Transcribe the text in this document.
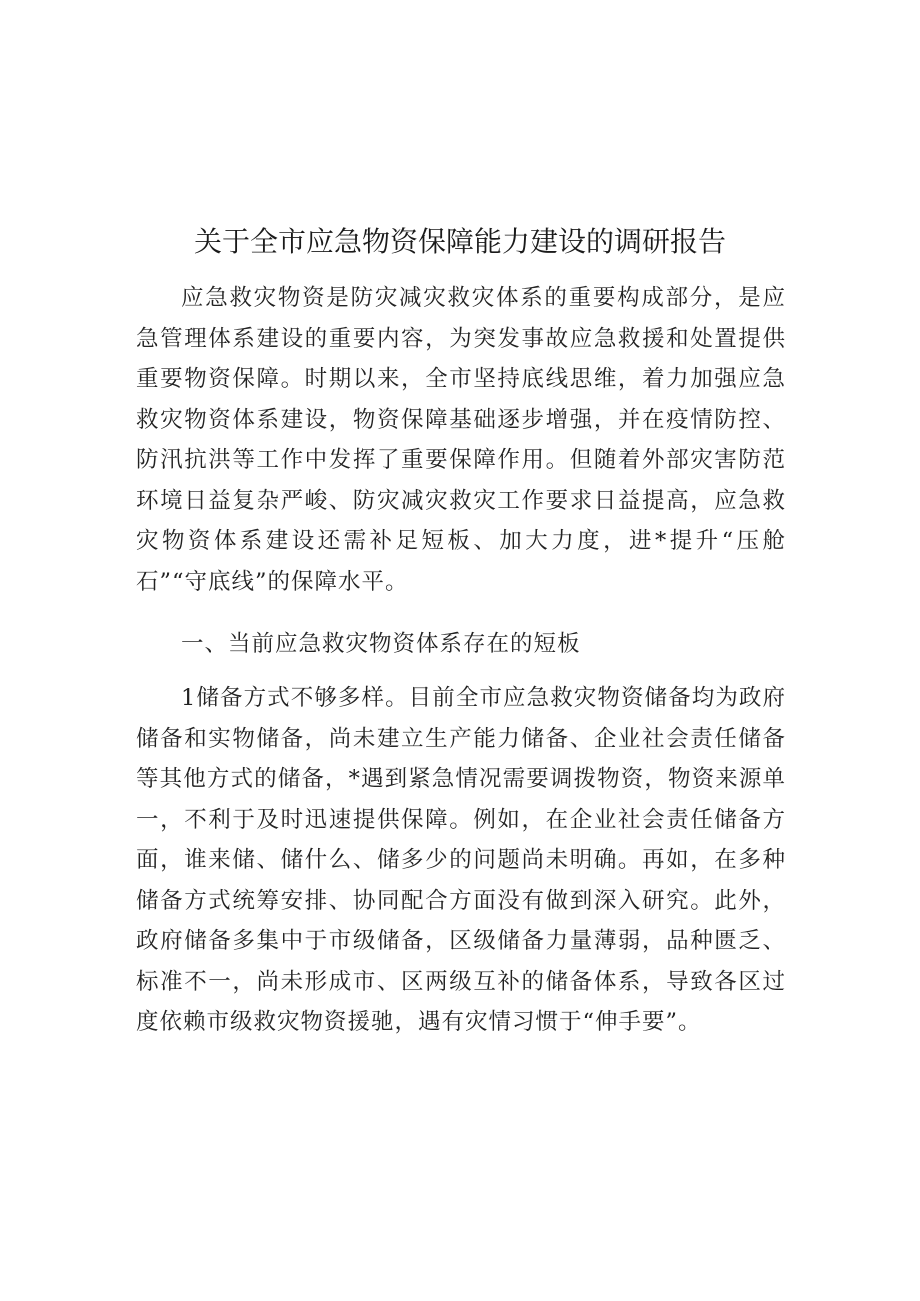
关于全市应急物资保障能力建设的调研报告

应急救灾物资是防灾减灾救灾体系的重要构成部分，是应急管理体系建设的重要内容，为突发事故应急救援和处置提供重要物资保障。时期以来，全市坚持底线思维，着力加强应急救灾物资体系建设，物资保障基础逐步增强，并在疫情防控、防汛抗洪等工作中发挥了重要保障作用。但随着外部灾害防范环境日益复杂严峻、防灾减灾救灾工作要求日益提高，应急救灾物资体系建设还需补足短板、加大力度，进*提升“压舱石”“守底线”的保障水平。

一、当前应急救灾物资体系存在的短板

1储备方式不够多样。目前全市应急救灾物资储备均为政府储备和实物储备，尚未建立生产能力储备、企业社会责任储备等其他方式的储备，*遇到紧急情况需要调拨物资，物资来源单一，不利于及时迅速提供保障。例如，在企业社会责任储备方面，谁来储、储什么、储多少的问题尚未明确。再如，在多种储备方式统筹安排、协同配合方面没有做到深入研究。此外，政府储备多集中于市级储备，区级储备力量薄弱，品种匮乏、标准不一，尚未形成市、区两级互补的储备体系，导致各区过度依赖市级救灾物资援驰，遇有灾情习惯于“伸手要”。
